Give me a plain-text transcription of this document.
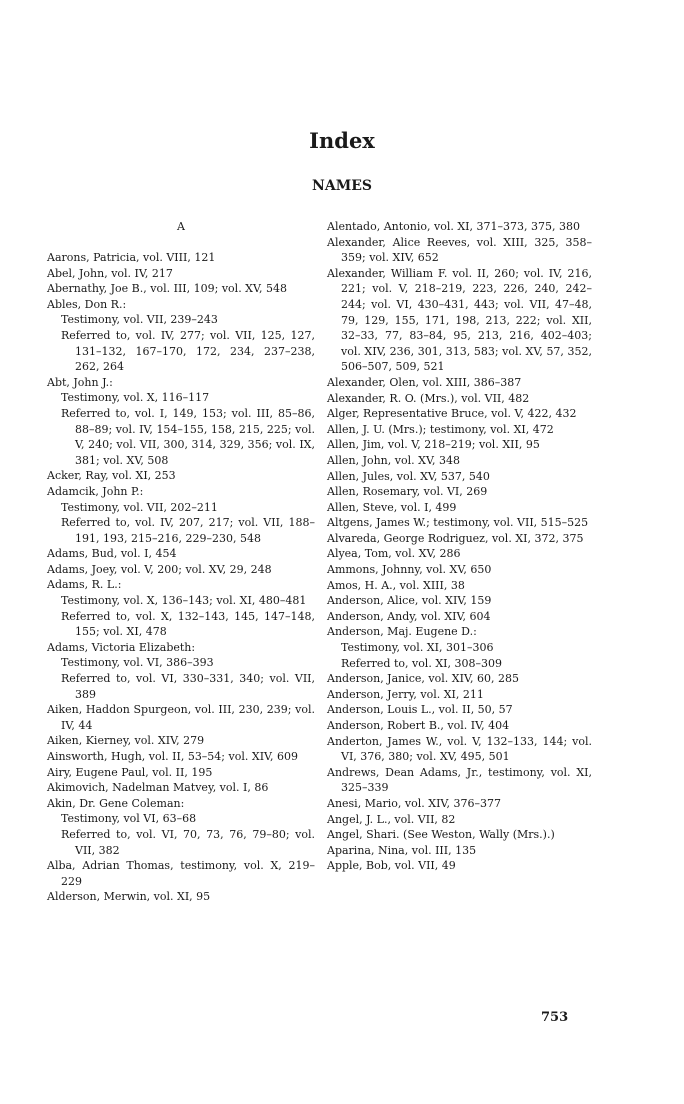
Index
NAMES
A
Aarons, Patricia, vol. VIII, 121
Abel, John, vol. IV, 217
Abernathy, Joe B., vol. III, 109; vol. XV, 548
Ables, Don R.:
Testimony, vol. VII, 239–243
Referred to, vol. IV, 277; vol. VII, 125, 127, 131–132, 167–170, 172, 234, 237–238, 262, 264
Abt, John J.:
Testimony, vol. X, 116–117
Referred to, vol. I, 149, 153; vol. III, 85–86, 88–89; vol. IV, 154–155, 158, 215, 225; vol. V, 240; vol. VII, 300, 314, 329, 356; vol. IX, 381; vol. XV, 508
Acker, Ray, vol. XI, 253
Adamcik, John P.:
Testimony, vol. VII, 202–211
Referred to, vol. IV, 207, 217; vol. VII, 188–191, 193, 215–216, 229–230, 548
Adams, Bud, vol. I, 454
Adams, Joey, vol. V, 200; vol. XV, 29, 248
Adams, R. L.:
Testimony, vol. X, 136–143; vol. XI, 480–481
Referred to, vol. X, 132–143, 145, 147–148, 155; vol. XI, 478
Adams, Victoria Elizabeth:
Testimony, vol. VI, 386–393
Referred to, vol. VI, 330–331, 340; vol. VII, 389
Aiken, Haddon Spurgeon, vol. III, 230, 239; vol. IV, 44
Aiken, Kierney, vol. XIV, 279
Ainsworth, Hugh, vol. II, 53–54; vol. XIV, 609
Airy, Eugene Paul, vol. II, 195
Akimovich, Nadelman Matvey, vol. I, 86
Akin, Dr. Gene Coleman:
Testimony, vol VI, 63–68
Referred to, vol. VI, 70, 73, 76, 79–80; vol. VII, 382
Alba, Adrian Thomas, testimony, vol. X, 219–229
Alderson, Merwin, vol. XI, 95
Alentado, Antonio, vol. XI, 371–373, 375, 380
Alexander, Alice Reeves, vol. XIII, 325, 358–359; vol. XIV, 652
Alexander, William F. vol. II, 260; vol. IV, 216, 221; vol. V, 218–219, 223, 226, 240, 242–244; vol. VI, 430–431, 443; vol. VII, 47–48, 79, 129, 155, 171, 198, 213, 222; vol. XII, 32–33, 77, 83–84, 95, 213, 216, 402–403; vol. XIV, 236, 301, 313, 583; vol. XV, 57, 352, 506–507, 509, 521
Alexander, Olen, vol. XIII, 386–387
Alexander, R. O. (Mrs.), vol. VII, 482
Alger, Representative Bruce, vol. V, 422, 432
Allen, J. U. (Mrs.); testimony, vol. XI, 472
Allen, Jim, vol. V, 218–219; vol. XII, 95
Allen, John, vol. XV, 348
Allen, Jules, vol. XV, 537, 540
Allen, Rosemary, vol. VI, 269
Allen, Steve, vol. I, 499
Altgens, James W.; testimony, vol. VII, 515–525
Alvareda, George Rodriguez, vol. XI, 372, 375
Alyea, Tom, vol. XV, 286
Ammons, Johnny, vol. XV, 650
Amos, H. A., vol. XIII, 38
Anderson, Alice, vol. XIV, 159
Anderson, Andy, vol. XIV, 604
Anderson, Maj. Eugene D.:
Testimony, vol. XI, 301–306
Referred to, vol. XI, 308–309
Anderson, Janice, vol. XIV, 60, 285
Anderson, Jerry, vol. XI, 211
Anderson, Louis L., vol. II, 50, 57
Anderson, Robert B., vol. IV, 404
Anderton, James W., vol. V, 132–133, 144; vol. VI, 376, 380; vol. XV, 495, 501
Andrews, Dean Adams, Jr., testimony, vol. XI, 325–339
Anesi, Mario, vol. XIV, 376–377
Angel, J. L., vol. VII, 82
Angel, Shari. (See Weston, Wally (Mrs.).)
Aparina, Nina, vol. III, 135
Apple, Bob, vol. VII, 49
753
